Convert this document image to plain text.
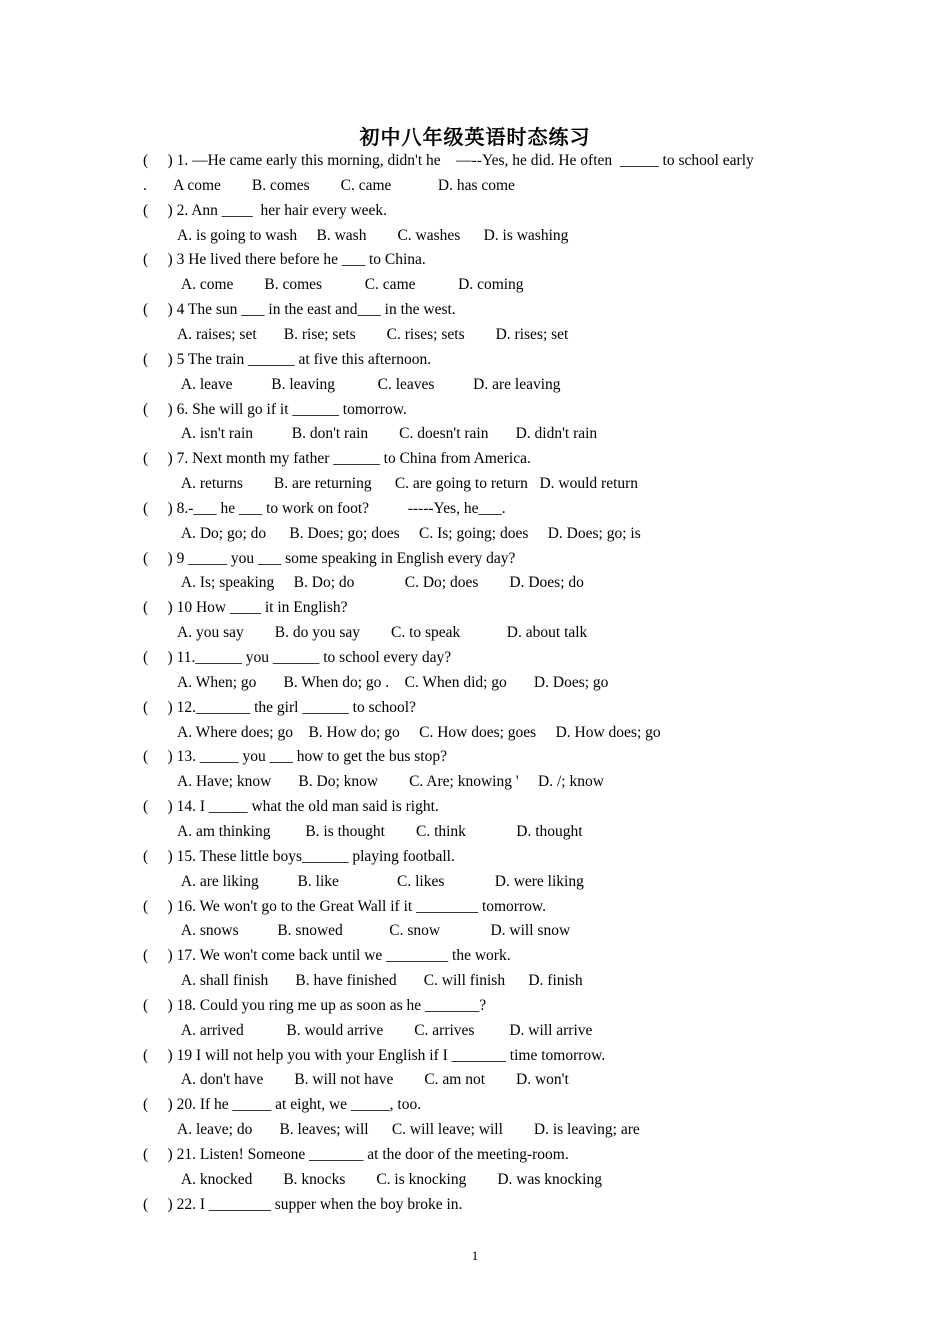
初中八年级英语时态练习
(     ) 1. —He came early this morning, didn't he    —--Yes, he did. He often  _____ to school early
.       A come        B. comes        C. came            D. has come
(     ) 2. Ann ____  her hair every week.
A. is going to wash     B. wash        C. washes      D. is washing
(     ) 3 He lived there before he ___ to China.
A. come        B. comes           C. came           D. coming
(     ) 4 The sun ___ in the east and___ in the west.
A. raises; set       B. rise; sets        C. rises; sets        D. rises; set
(     ) 5 The train ______ at five this afternoon.
A. leave          B. leaving           C. leaves          D. are leaving
(     ) 6. She will go if it ______ tomorrow.
A. isn't rain          B. don't rain        C. doesn't rain       D. didn't rain
(     ) 7. Next month my father ______ to China from America.
A. returns        B. are returning      C. are going to return   D. would return
(     ) 8.-___ he ___ to work on foot?          -----Yes, he___.
A. Do; go; do      B. Does; go; does     C. Is; going; does     D. Does; go; is
(     ) 9 _____ you ___ some speaking in English every day?
A. Is; speaking     B. Do; do             C. Do; does        D. Does; do
(     ) 10 How ____ it in English?
A. you say        B. do you say        C. to speak            D. about talk
(     ) 11.______ you ______ to school every day?
A. When; go       B. When do; go .    C. When did; go       D. Does; go
(     ) 12._______ the girl ______ to school?
A. Where does; go    B. How do; go     C. How does; goes     D. How does; go
(     ) 13. _____ you ___ how to get the bus stop?
A. Have; know       B. Do; know        C. Are; knowing '     D. /; know
(     ) 14. I _____ what the old man said is right.
A. am thinking         B. is thought        C. think             D. thought
(     ) 15. These little boys______ playing football.
A. are liking          B. like               C. likes             D. were liking
(     ) 16. We won't go to the Great Wall if it ________ tomorrow.
A. snows          B. snowed            C. snow             D. will snow
(     ) 17. We won't come back until we ________ the work.
A. shall finish       B. have finished       C. will finish      D. finish
(     ) 18. Could you ring me up as soon as he _______?
A. arrived           B. would arrive        C. arrives         D. will arrive
(     ) 19 I will not help you with your English if I _______ time tomorrow.
A. don't have        B. will not have        C. am not        D. won't
(     ) 20. If he _____ at eight, we _____, too.
A. leave; do       B. leaves; will      C. will leave; will        D. is leaving; are
(     ) 21. Listen! Someone _______ at the door of the meeting-room.
A. knocked        B. knocks        C. is knocking        D. was knocking
(     ) 22. I ________ supper when the boy broke in.
1
